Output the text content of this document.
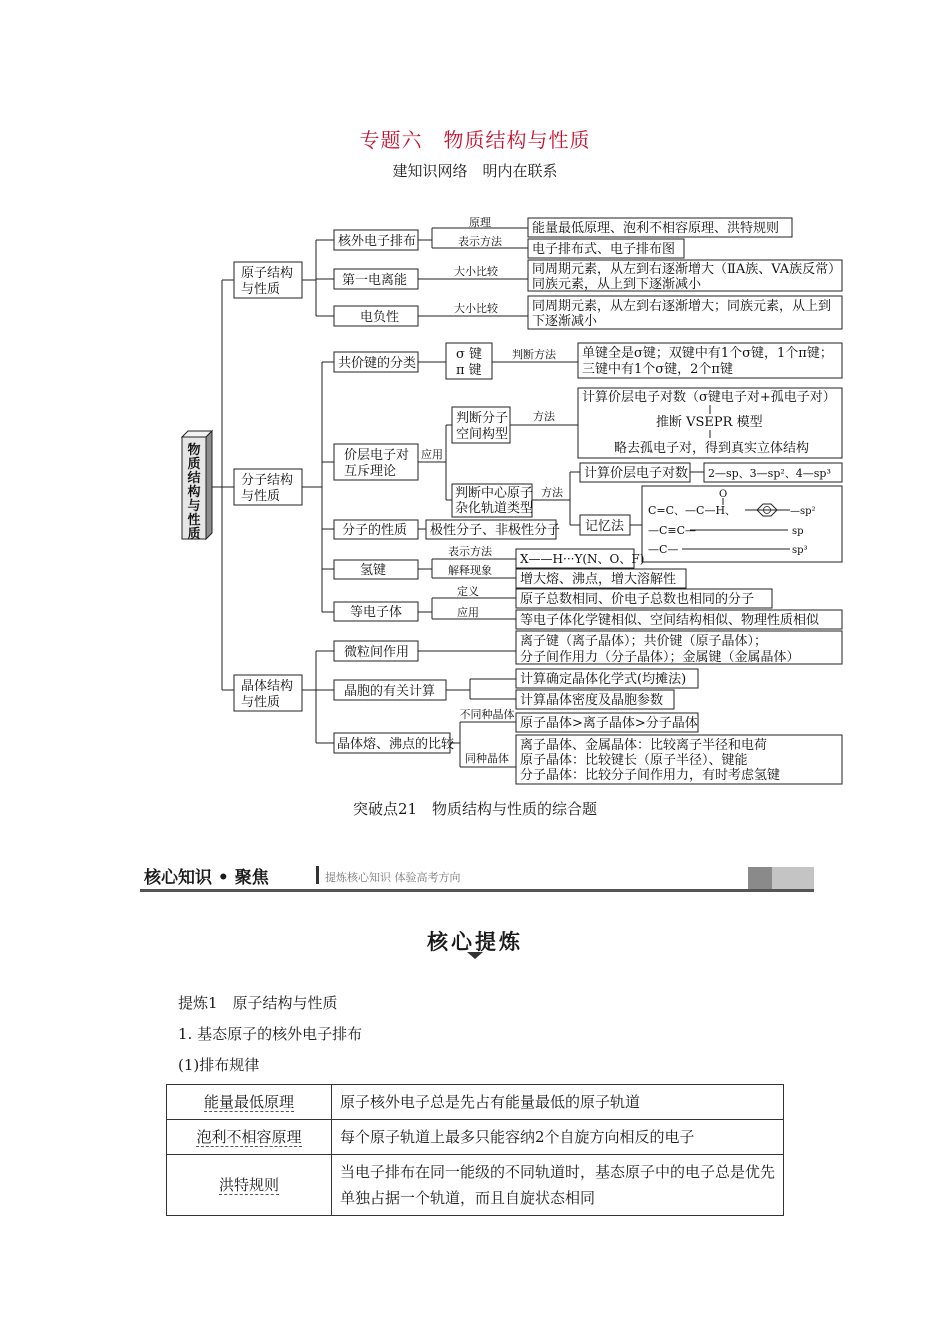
专题六　物质结构与性质
建知识网络　明内在联系
物
质
结
构
与
性
质
原子结构
与性质
分子结构
与性质
晶体结构
与性质
核外电子排布
原理
表示方法
能量最低原理、泡利不相容原理、洪特规则
电子排布式、电子排布图
第一电离能
大小比较	同周期元素，从左到右逐渐增大（ⅡA族、VA族反常）
同族元素，从上到下逐渐减小
电负性
大小比较	同周期元素，从左到右逐渐增大；同族元素，从上到
下逐渐减小
共价键的分类
σ 键
π 键
判断方法 单键全是σ键；双键中有1个σ键，1个π键；
三键中有1个σ键，2个π键
价层电子对
互斥理论
应用
判断分子
空间构型
方法
计算价层电子对数（σ键电子对+孤电子对）
推断 VSEPR 模型
略去孤电子对，得到真实立体结构
判断中心原子
杂化轨道类型
方法
计算价层电子对数 2—sp、3—sp²、4—sp³
记忆法
O
C=C、—C—H、	—sp²
—C≡C—	sp
—C—	sp³
分子的性质 极性分子、非极性分子
氢键
表示方法
X——H···Y(N、O、F)
解释现象
增大熔、沸点，增大溶解性
等电子体
定义
原子总数相同、价电子总数也相同的分子
应用
等电子体化学键相似、空间结构相似、物理性质相似
微粒间作用
离子键（离子晶体）；共价键（原子晶体）；
分子间作用力（分子晶体）；金属键（金属晶体）
晶胞的有关计算
计算确定晶体化学式(均摊法)
计算晶体密度及晶胞参数
晶体熔、沸点的比较
不同种晶体
原子晶体>离子晶体>分子晶体
同种晶体
离子晶体、金属晶体：比较离子半径和电荷
原子晶体：比较键长（原子半径）、键能
分子晶体：比较分子间作用力，有时考虑氢键
突破点21　物质结构与性质的综合题
核心知识 • 聚焦	提炼核心知识 体验高考方向
核心提炼
提炼1　原子结构与性质
1. 基态原子的核外电子排布
(1)排布规律
能量最低原理	原子核外电子总是先占有能量最低的原子轨道
泡利不相容原理	每个原子轨道上最多只能容纳2个自旋方向相反的电子
洪特规则	当电子排布在同一能级的不同轨道时，基态原子中的电子总是优先单独占据一个轨道，而且自旋状态相同
